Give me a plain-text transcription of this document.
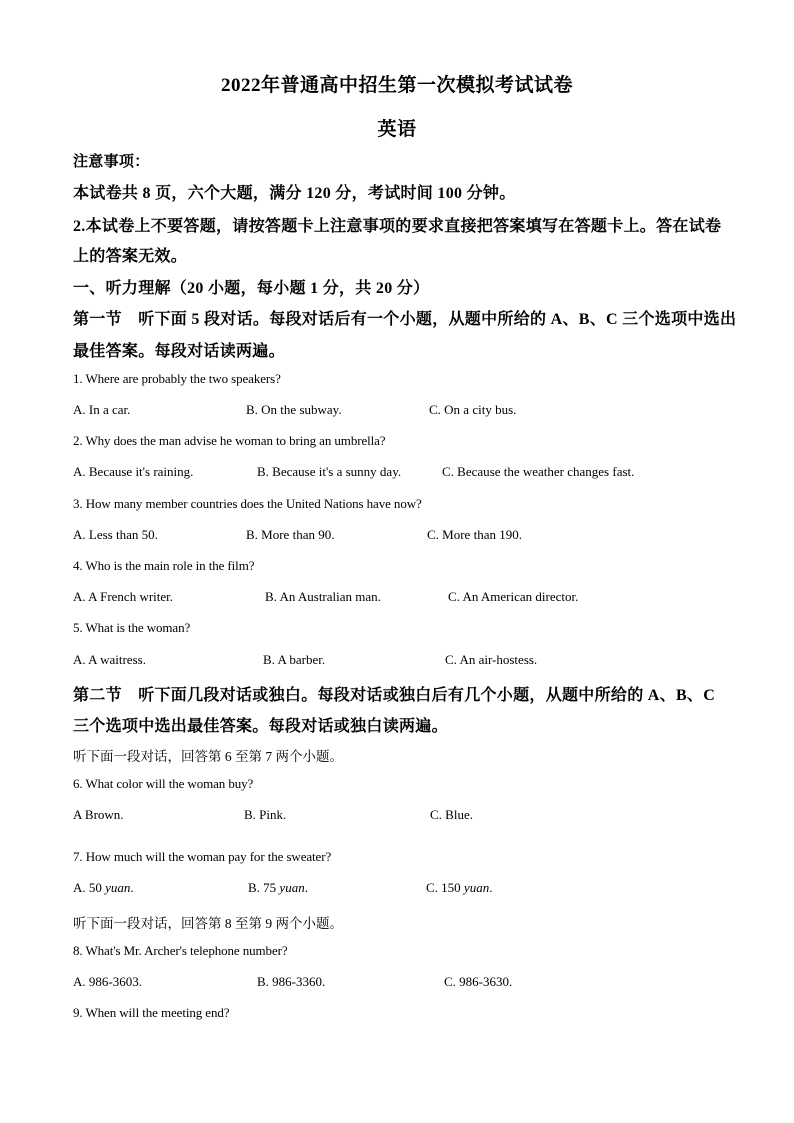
2022年普通高中招生第一次模拟考试试卷
英语
注意事项：
本试卷共 8 页，六个大题，满分 120 分，考试时间 100 分钟。
2.本试卷上不要答题，请按答题卡上注意事项的要求直接把答案填写在答题卡上。答在试卷
上的答案无效。
一、听力理解（20 小题，每小题 1 分，共 20 分）
第一节　听下面 5 段对话。每段对话后有一个小题，从题中所给的 A、B、C 三个选项中选出
最佳答案。每段对话读两遍。
1. Where are probably the two speakers?
A. In a car.	B. On the subway.	C. On a city bus.
2. Why does the man advise he woman to bring an umbrella?
A. Because it's raining.	B. Because it's a sunny day.	C. Because the weather changes fast.
3. How many member countries does the United Nations have now?
A. Less than 50.	B. More than 90.	C. More than 190.
4. Who is the main role in the film?
A. A French writer.	B. An Australian man.	C. An American director.
5. What is the woman?
A. A waitress.	B. A barber.	C. An air-hostess.
第二节　听下面几段对话或独白。每段对话或独白后有几个小题，从题中所给的 A、B、C
三个选项中选出最佳答案。每段对话或独白读两遍。
听下面一段对话，回答第 6 至第 7 两个小题。
6. What color will the woman buy?
A Brown.	B. Pink.	C. Blue.
7. How much will the woman pay for the sweater?
A. 50 yuan.	B. 75 yuan.	C. 150 yuan.
听下面一段对话，回答第 8 至第 9 两个小题。
8. What's Mr. Archer's telephone number?
A. 986-3603.	B. 986-3360.	C. 986-3630.
9. When will the meeting end?
